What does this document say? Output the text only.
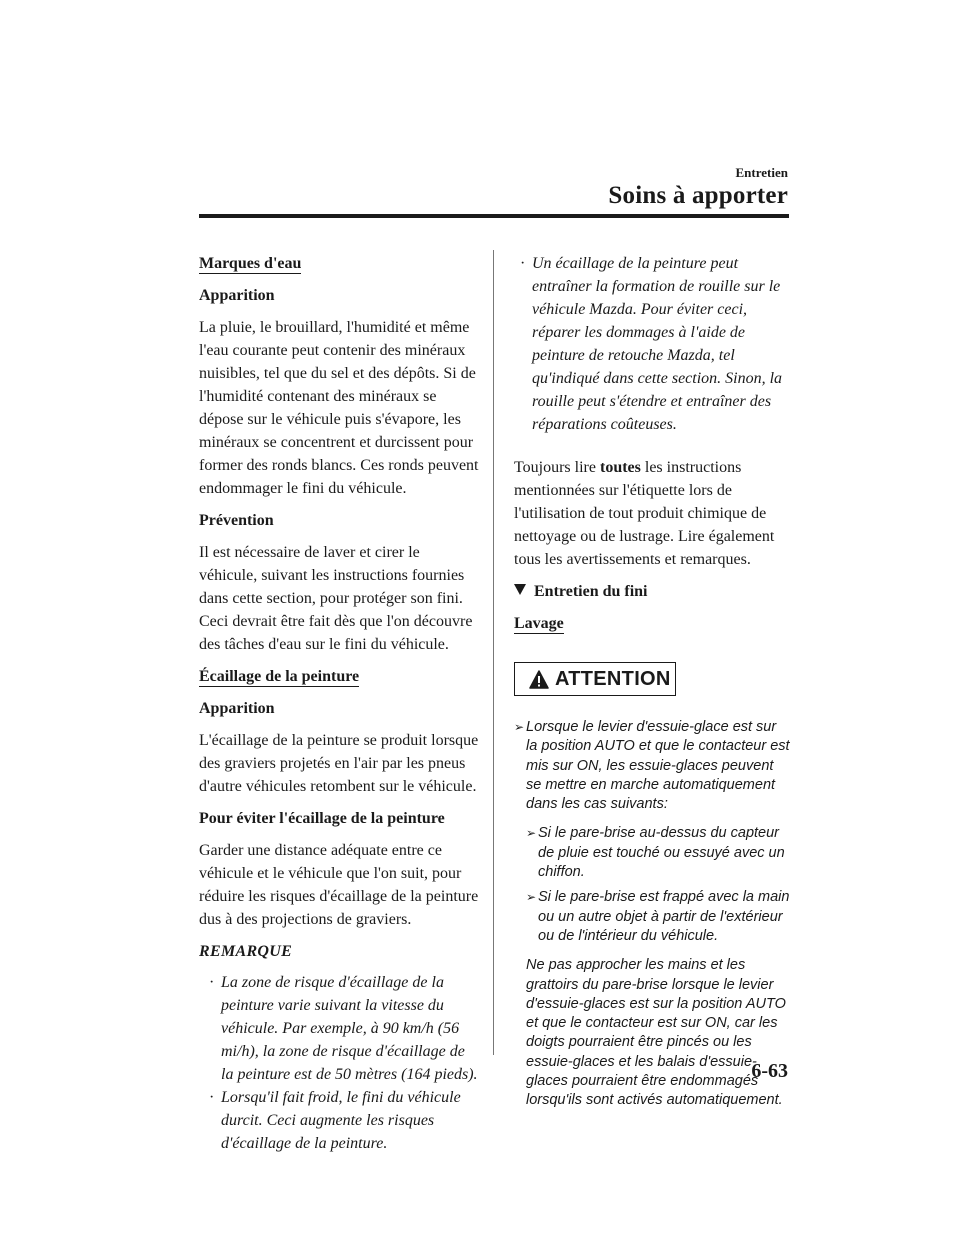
Entretien
Soins à apporter
Marques d'eau

Apparition

La pluie, le brouillard, l'humidité et même l'eau courante peut contenir des minéraux nuisibles, tel que du sel et des dépôts. Si de l'humidité contenant des minéraux se dépose sur le véhicule puis s'évapore, les minéraux se concentrent et durcissent pour former des ronds blancs. Ces ronds peuvent endommager le fini du véhicule.

Prévention

Il est nécessaire de laver et cirer le véhicule, suivant les instructions fournies dans cette section, pour protéger son fini. Ceci devrait être fait dès que l'on découvre des tâches d'eau sur le fini du véhicule.

Écaillage de la peinture

Apparition

L'écaillage de la peinture se produit lorsque des graviers projetés en l'air par les pneus d'autre véhicules retombent sur le véhicule.

Pour éviter l'écaillage de la peinture

Garder une distance adéquate entre ce véhicule et le véhicule que l'on suit, pour réduire les risques d'écaillage de la peinture dus à des projections de graviers.

REMARQUE

· La zone de risque d'écaillage de la peinture varie suivant la vitesse du véhicule. Par exemple, à 90 km/h (56 mi/h), la zone de risque d'écaillage de la peinture est de 50 mètres (164 pieds).
· Lorsqu'il fait froid, le fini du véhicule durcit. Ceci augmente les risques d'écaillage de la peinture.
· Un écaillage de la peinture peut entraîner la formation de rouille sur le véhicule Mazda. Pour éviter ceci, réparer les dommages à l'aide de peinture de retouche Mazda, tel qu'indiqué dans cette section. Sinon, la rouille peut s'étendre et entraîner des réparations coûteuses.

Toujours lire toutes les instructions mentionnées sur l'étiquette lors de l'utilisation de tout produit chimique de nettoyage ou de lustrage. Lire également tous les avertissements et remarques.

Entretien du fini

Lavage
ATTENTION
➢ Lorsque le levier d'essuie-glace est sur la position AUTO et que le contacteur est mis sur ON, les essuie-glaces peuvent se mettre en marche automatiquement dans les cas suivants:
➢ Si le pare-brise au-dessus du capteur de pluie est touché ou essuyé avec un chiffon.
➢ Si le pare-brise est frappé avec la main ou un autre objet à partir de l'extérieur ou de l'intérieur du véhicule.
Ne pas approcher les mains et les grattoirs du pare-brise lorsque le levier d'essuie-glaces est sur la position AUTO et que le contacteur est sur ON, car les doigts pourraient être pincés ou les essuie-glaces et les balais d'essuie-glaces pourraient être endommagés lorsqu'ils sont activés automatiquement.
6-63
